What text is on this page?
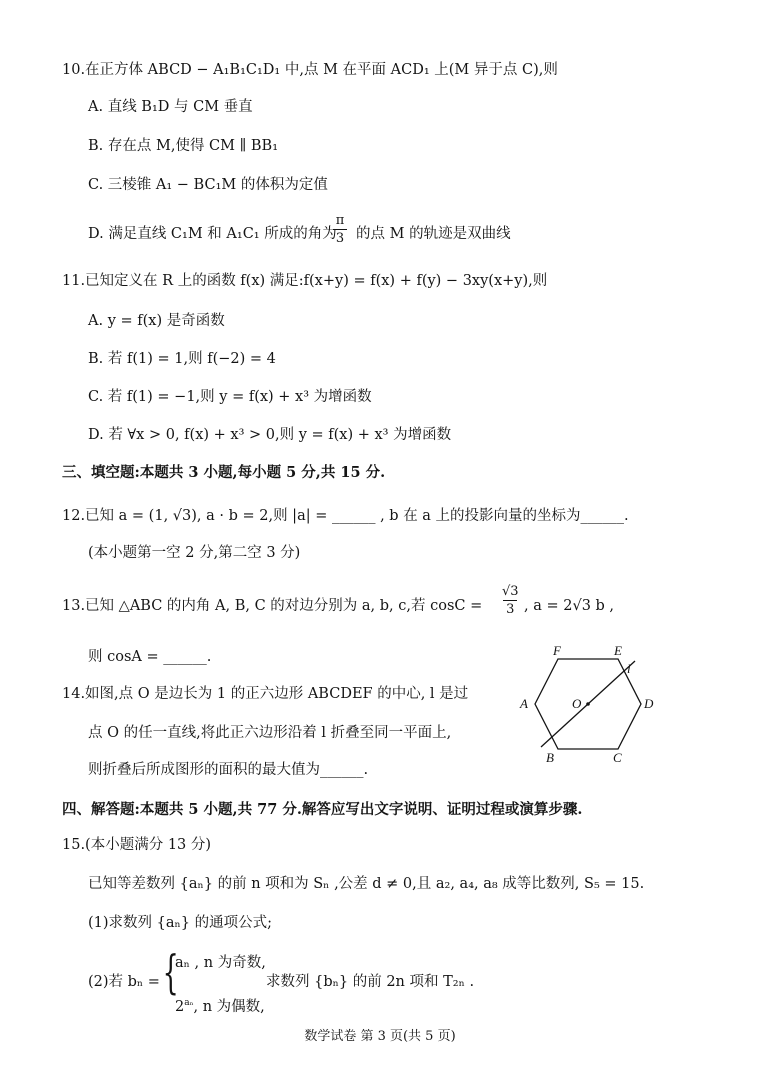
10.在正方体 ABCD − A₁B₁C₁D₁ 中,点 M 在平面 ACD₁ 上(M 异于点 C),则
A. 直线 B₁D 与 CM 垂直
B. 存在点 M,使得 CM ∥ BB₁
C. 三棱锥 A₁ − BC₁M 的体积为定值
D. 满足直线 C₁M 和 A₁C₁ 所成的角为
π
3 的点 M 的轨迹是双曲线
11.已知定义在 R 上的函数 f(x) 满足:f(x+y) = f(x) + f(y) − 3xy(x+y),则
A. y = f(x) 是奇函数
B. 若 f(1) = 1,则 f(−2) = 4
C. 若 f(1) = −1,则 y = f(x) + x³ 为增函数
D. 若 ∀x > 0, f(x) + x³ > 0,则 y = f(x) + x³ 为增函数
三、填空题:本题共 3 小题,每小题 5 分,共 15 分.
12.已知 a = (1, √3), a · b = 2,则 |a| = ______ , b 在 a 上的投影向量的坐标为______.
(本小题第一空 2 分,第二空 3 分)
13.已知 △ABC 的内角 A, B, C 的对边分别为 a, b, c,若 cosC =
√3
3 , a = 2√3 b ,
则 cosA = ______.
14.如图,点 O 是边长为 1 的正六边形 ABCDEF 的中心, l 是过
点 O 的任一直线,将此正六边形沿着 l 折叠至同一平面上,
则折叠后所成图形的面积的最大值为______.
A
B	C
D
E
F
O
l
四、解答题:本题共 5 小题,共 77 分.解答应写出文字说明、证明过程或演算步骤.
15.(本小题满分 13 分)
已知等差数列 {aₙ} 的前 n 项和为 Sₙ ,公差 d ≠ 0,且 a₂, a₄, a₈ 成等比数列, S₅ = 15.
(1)求数列 {aₙ} 的通项公式;
(2)若 bₙ = {
aₙ , n 为奇数,
$2^{a_n}$, n 为偶数,
求数列 {bₙ} 的前 2n 项和 T₂ₙ .
数学试卷 第 3 页(共 5 页)
